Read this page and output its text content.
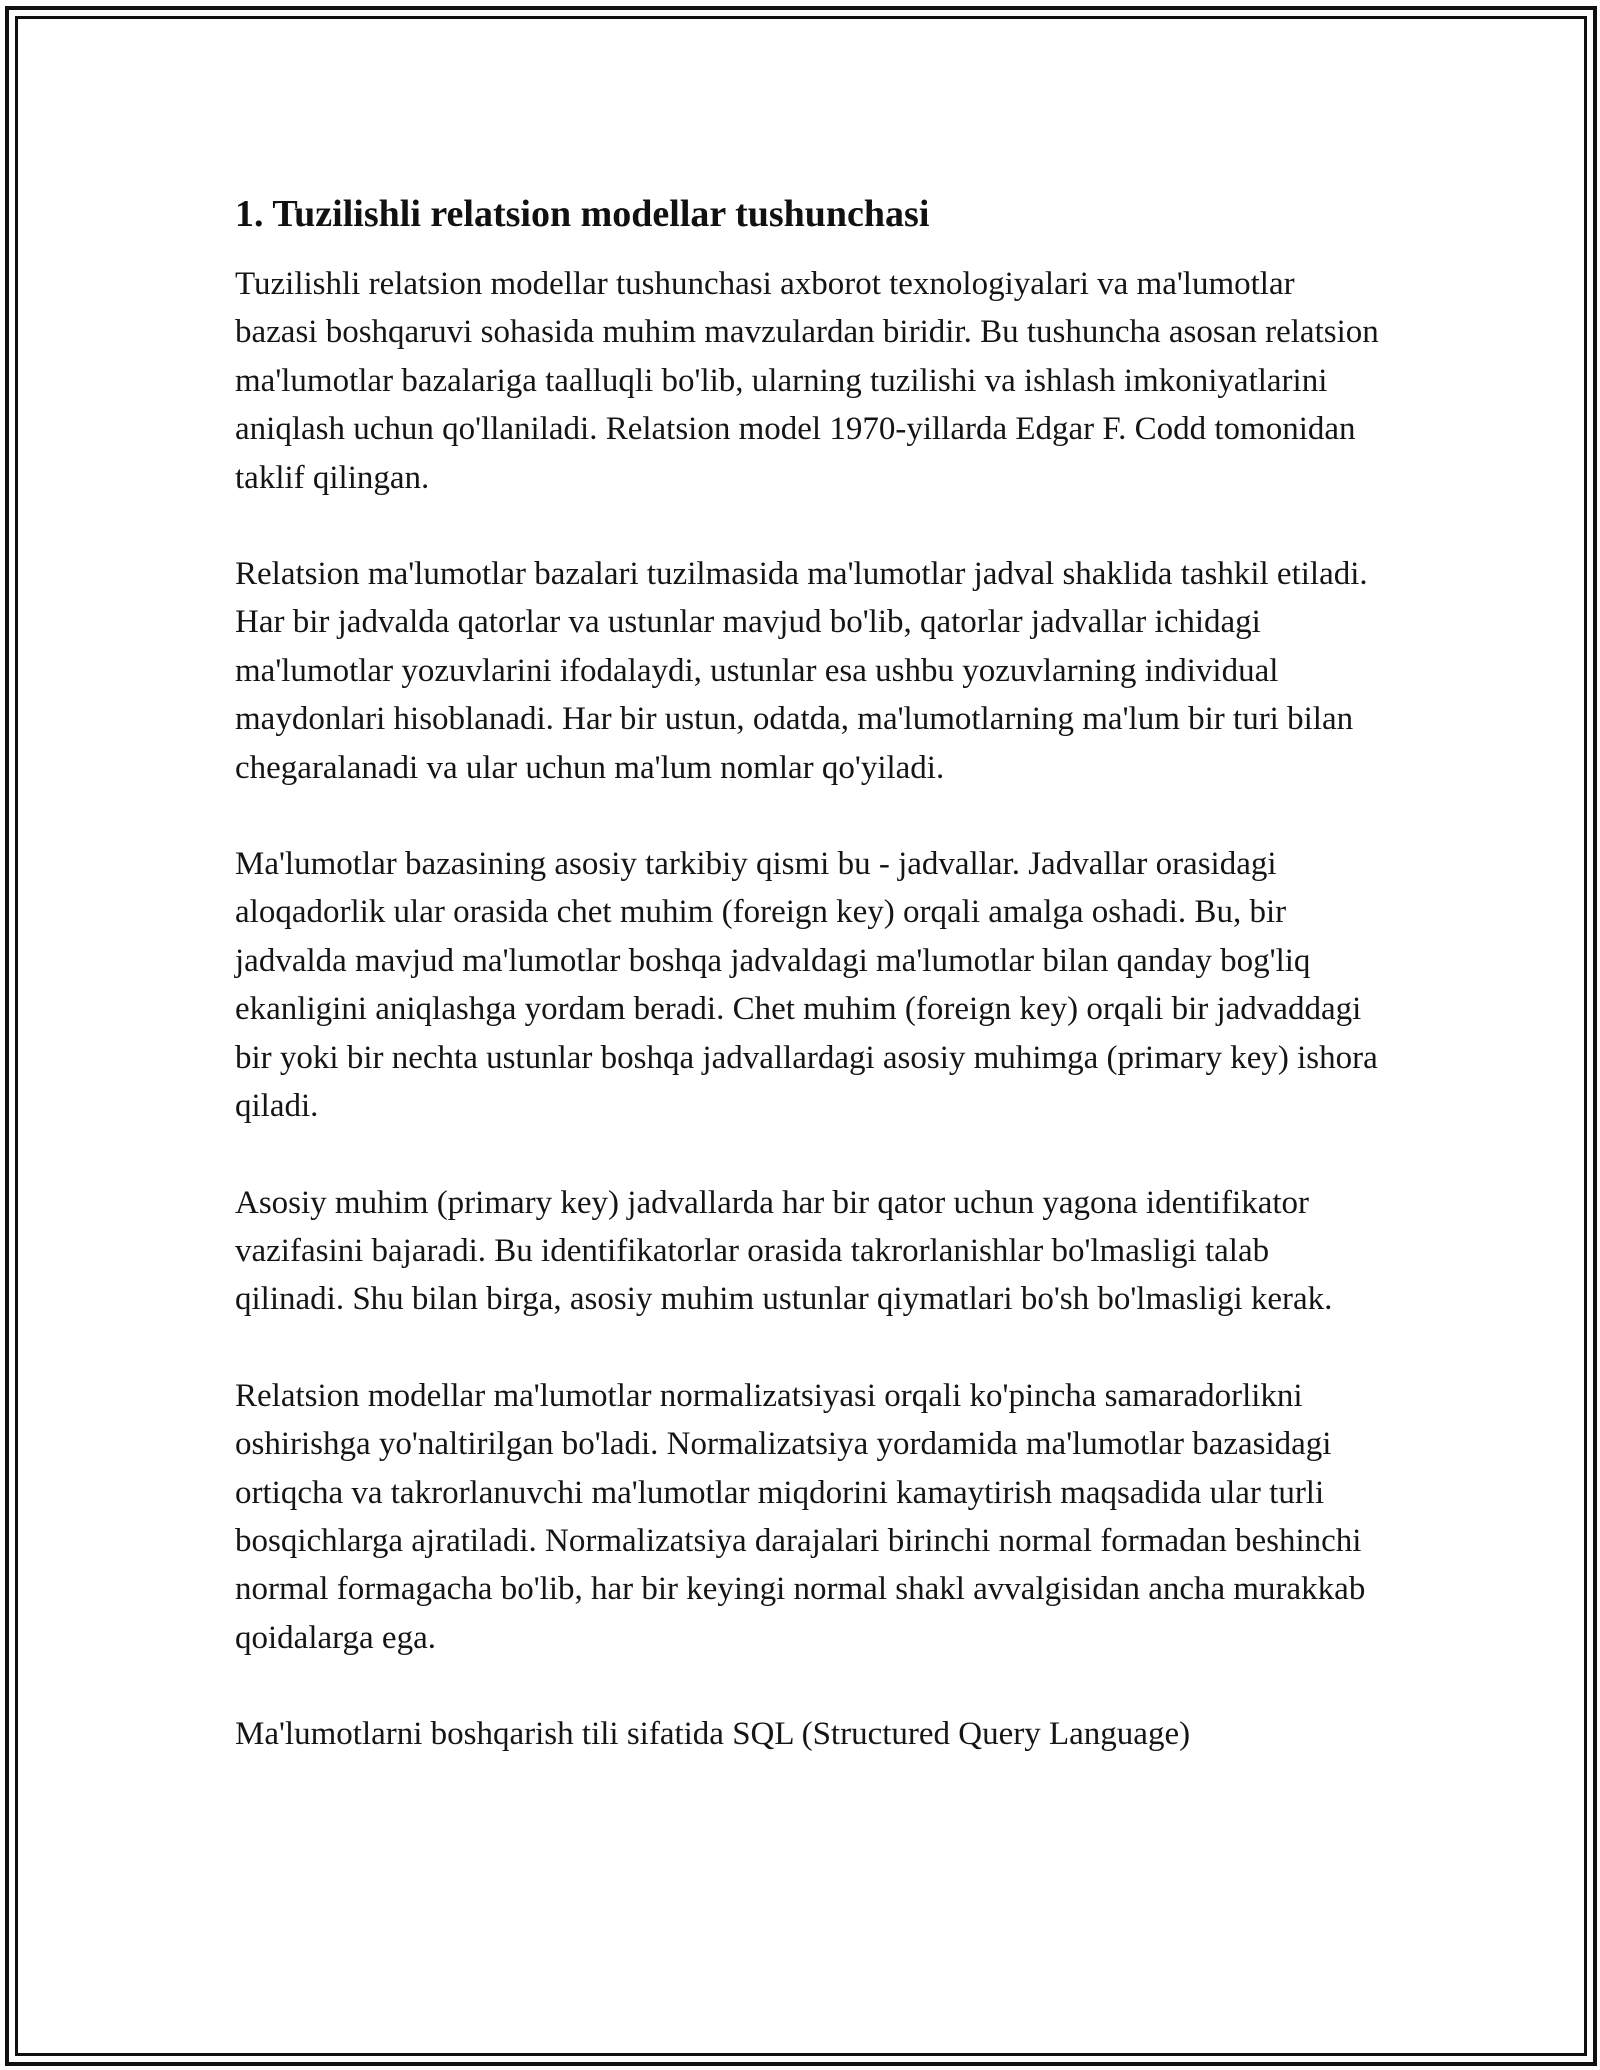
1. Tuzilishli relatsion modellar tushunchasi

Tuzilishli relatsion modellar tushunchasi axborot texnologiyalari va ma'lumotlar bazasi boshqaruvi sohasida muhim mavzulardan biridir. Bu tushuncha asosan relatsion ma'lumotlar bazalariga taalluqli bo'lib, ularning tuzilishi va ishlash imkoniyatlarini aniqlash uchun qo'llaniladi. Relatsion model 1970-yillarda Edgar F. Codd tomonidan taklif qilingan.

Relatsion ma'lumotlar bazalari tuzilmasida ma'lumotlar jadval shaklida tashkil etiladi. Har bir jadvalda qatorlar va ustunlar mavjud bo'lib, qatorlar jadvallar ichidagi ma'lumotlar yozuvlarini ifodalaydi, ustunlar esa ushbu yozuvlarning individual maydonlari hisoblanadi. Har bir ustun, odatda, ma'lumotlarning ma'lum bir turi bilan chegaralanadi va ular uchun ma'lum nomlar qo'yiladi.

Ma'lumotlar bazasining asosiy tarkibiy qismi bu - jadvallar. Jadvallar orasidagi aloqadorlik ular orasida chet muhim (foreign key) orqali amalga oshadi. Bu, bir jadvalda mavjud ma'lumotlar boshqa jadvaldagi ma'lumotlar bilan qanday bog'liq ekanligini aniqlashga yordam beradi. Chet muhim (foreign key) orqali bir jadvaddagi bir yoki bir nechta ustunlar boshqa jadvallardagi asosiy muhimga (primary key) ishora qiladi.

Asosiy muhim (primary key) jadvallarda har bir qator uchun yagona identifikator vazifasini bajaradi. Bu identifikatorlar orasida takrorlanishlar bo'lmasligi talab qilinadi. Shu bilan birga, asosiy muhim ustunlar qiymatlari bo'sh bo'lmasligi kerak.

Relatsion modellar ma'lumotlar normalizatsiyasi orqali ko'pincha samaradorlikni oshirishga yo'naltirilgan bo'ladi. Normalizatsiya yordamida ma'lumotlar bazasidagi ortiqcha va takrorlanuvchi ma'lumotlar miqdorini kamaytirish maqsadida ular turli bosqichlarga ajratiladi. Normalizatsiya darajalari birinchi normal formadan beshinchi normal formagacha bo'lib, har bir keyingi normal shakl avvalgisidan ancha murakkab qoidalarga ega.

Ma'lumotlarni boshqarish tili sifatida SQL (Structured Query Language)
